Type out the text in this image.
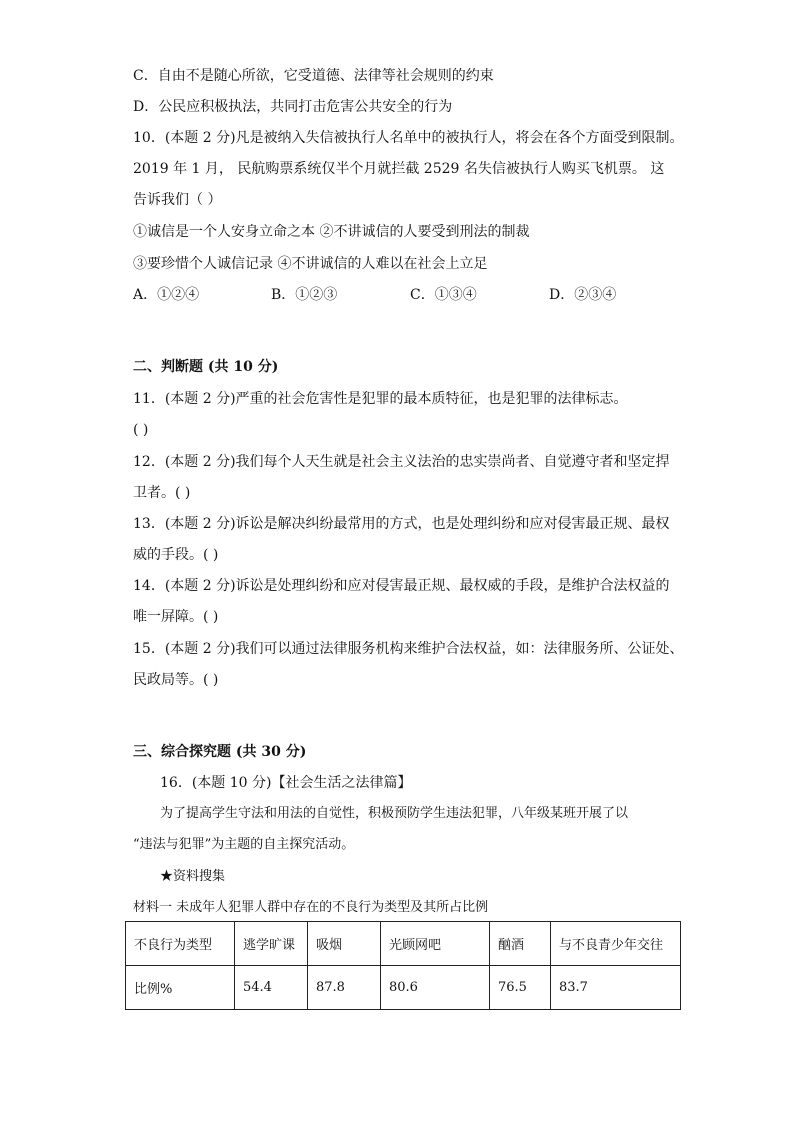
C．自由不是随心所欲，它受道德、法律等社会规则的约束
D．公民应积极执法，共同打击危害公共安全的行为
10．(本题 2 分)凡是被纳入失信被执行人名单中的被执行人，将会在各个方面受到限制。
2019 年 1 月， 民航购票系统仅半个月就拦截 2529 名失信被执行人购买飞机票。 这
告诉我们（ ）
①诚信是一个人安身立命之本 ②不讲诚信的人要受到刑法的制裁
③要珍惜个人诚信记录 ④不讲诚信的人难以在社会上立足
A．①②④	B．①②③	C．①③④	D．②③④
二、判断题 (共 10 分)
11．(本题 2 分)严重的社会危害性是犯罪的最本质特征，也是犯罪的法律标志。
( )
12．(本题 2 分)我们每个人天生就是社会主义法治的忠实崇尚者、自觉遵守者和坚定捍
卫者。( )
13．(本题 2 分)诉讼是解决纠纷最常用的方式，也是处理纠纷和应对侵害最正规、最权
威的手段。( )
14．(本题 2 分)诉讼是处理纠纷和应对侵害最正规、最权威的手段，是维护合法权益的
唯一屏障。( )
15．(本题 2 分)我们可以通过法律服务机构来维护合法权益，如：法律服务所、公证处、
民政局等。( )
三、综合探究题 (共 30 分)
16．(本题 10 分)【社会生活之法律篇】
为了提高学生守法和用法的自觉性，积极预防学生违法犯罪，八年级某班开展了以
“违法与犯罪”为主题的自主探究活动。
★资料搜集
材料一 未成年人犯罪人群中存在的不良行为类型及其所占比例
不良行为类型	逃学旷课	吸烟	光顾网吧	酗酒	与不良青少年交往
比例%	54.4	87.8	80.6	76.5	83.7
